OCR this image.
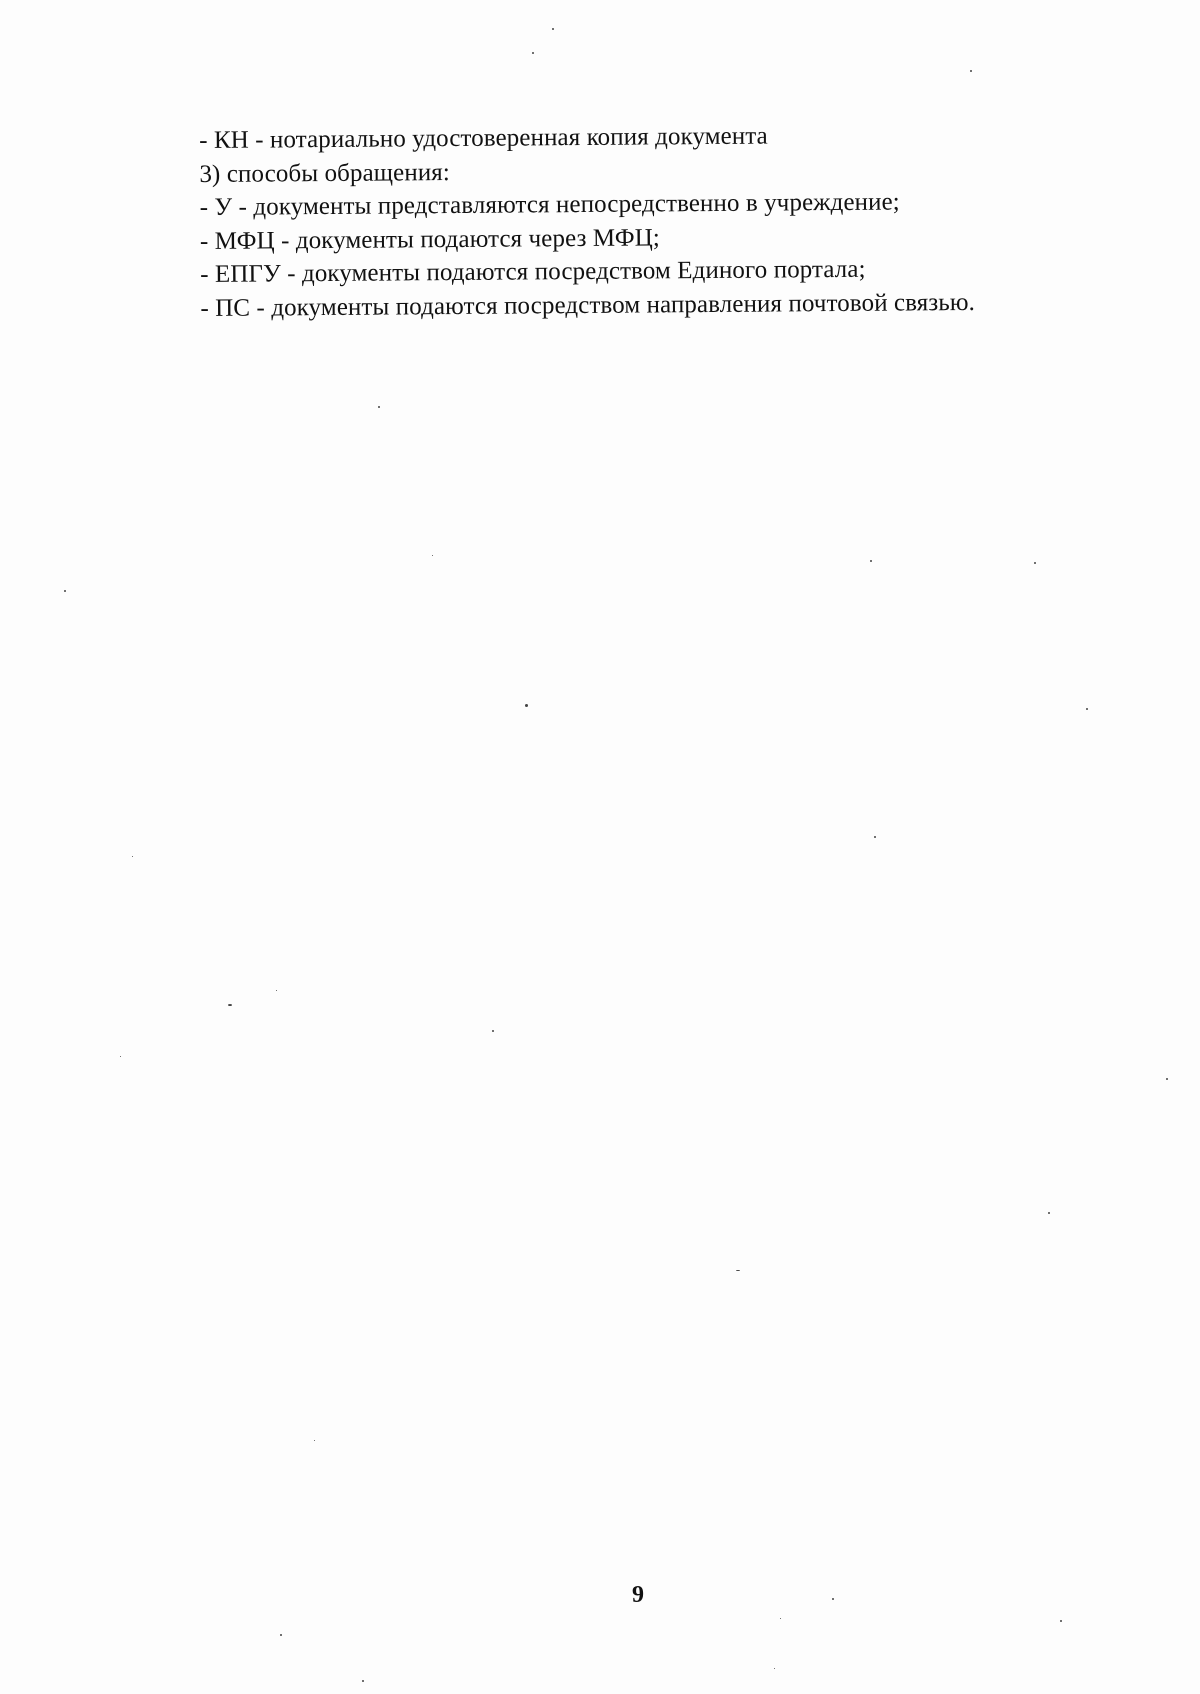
- КН - нотариально удостоверенная копия документа
3) способы обращения:
- У - документы представляются непосредственно в учреждение;
- МФЦ - документы подаются через МФЦ;
- ЕПГУ - документы подаются посредством Единого портала;
- ПС - документы подаются посредством направления почтовой связью.
9
